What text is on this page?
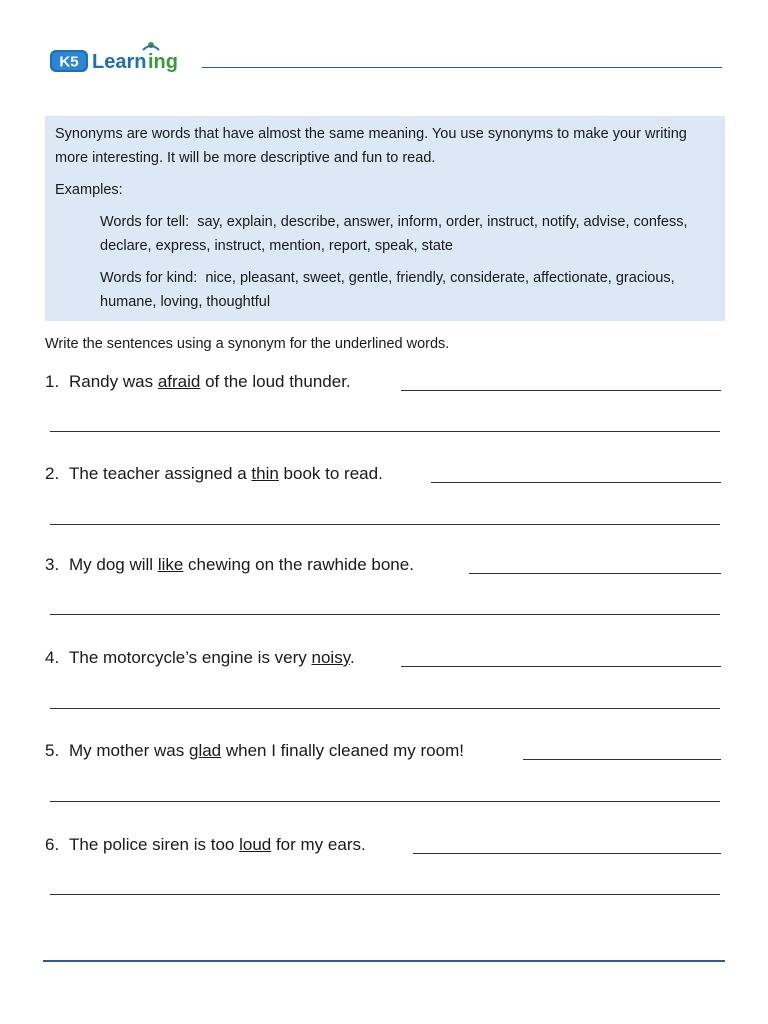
K5 Learn ing

Synonyms are words that have almost the same meaning. You use synonyms to make your writing more interesting. It will be more descriptive and fun to read.

Examples:

Words for tell: say, explain, describe, answer, inform, order, instruct, notify, advise, confess, declare, express, instruct, mention, report, speak, state
Words for kind: nice, pleasant, sweet, gentle, friendly, considerate, affectionate, gracious, humane, loving, thoughtful
Write the sentences using a synonym for the underlined words.
1. Randy was afraid of the loud thunder.
2. The teacher assigned a thin book to read.
3. My dog will like chewing on the rawhide bone.
4. The motorcycle’s engine is very noisy.
5. My mother was glad when I finally cleaned my room!
6. The police siren is too loud for my ears.
